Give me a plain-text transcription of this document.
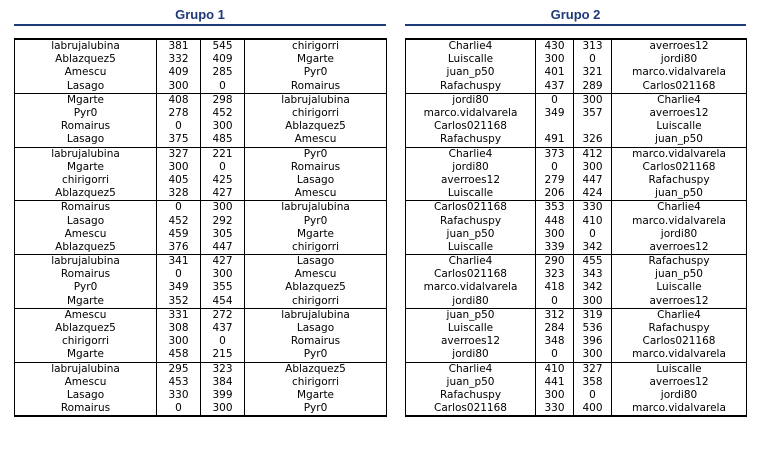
Grupo 1
labrujalubina	381	545	chirigorri
Ablazquez5	332	409	Mgarte
Amescu	409	285	Pyr0
Lasago	300	0	Romairus
Mgarte	408	298	labrujalubina
Pyr0	278	452	chirigorri
Romairus	0	300	Ablazquez5
Lasago	375	485	Amescu
labrujalubina	327	221	Pyr0
Mgarte	300	0	Romairus
chirigorri	405	425	Lasago
Ablazquez5	328	427	Amescu
Romairus	0	300	labrujalubina
Lasago	452	292	Pyr0
Amescu	459	305	Mgarte
Ablazquez5	376	447	chirigorri
labrujalubina	341	427	Lasago
Romairus	0	300	Amescu
Pyr0	349	355	Ablazquez5
Mgarte	352	454	chirigorri
Amescu	331	272	labrujalubina
Ablazquez5	308	437	Lasago
chirigorri	300	0	Romairus
Mgarte	458	215	Pyr0
labrujalubina	295	323	Ablazquez5
Amescu	453	384	chirigorri
Lasago	330	399	Mgarte
Romairus	0	300	Pyr0
Grupo 2
Charlie4	430	313	averroes12
Luiscalle	300	0	jordi80
juan_p50	401	321	marco.vidalvarela
Rafachuspy	437	289	Carlos021168
jordi80	0	300	Charlie4
marco.vidalvarela	349	357	averroes12
Carlos021168			Luiscalle
Rafachuspy	491	326	juan_p50
Charlie4	373	412	marco.vidalvarela
jordi80	0	300	Carlos021168
averroes12	279	447	Rafachuspy
Luiscalle	206	424	juan_p50
Carlos021168	353	330	Charlie4
Rafachuspy	448	410	marco.vidalvarela
juan_p50	300	0	jordi80
Luiscalle	339	342	averroes12
Charlie4	290	455	Rafachuspy
Carlos021168	323	343	juan_p50
marco.vidalvarela	418	342	Luiscalle
jordi80	0	300	averroes12
juan_p50	312	319	Charlie4
Luiscalle	284	536	Rafachuspy
averroes12	348	396	Carlos021168
jordi80	0	300	marco.vidalvarela
Charlie4	410	327	Luiscalle
juan_p50	441	358	averroes12
Rafachuspy	300	0	jordi80
Carlos021168	330	400	marco.vidalvarela
